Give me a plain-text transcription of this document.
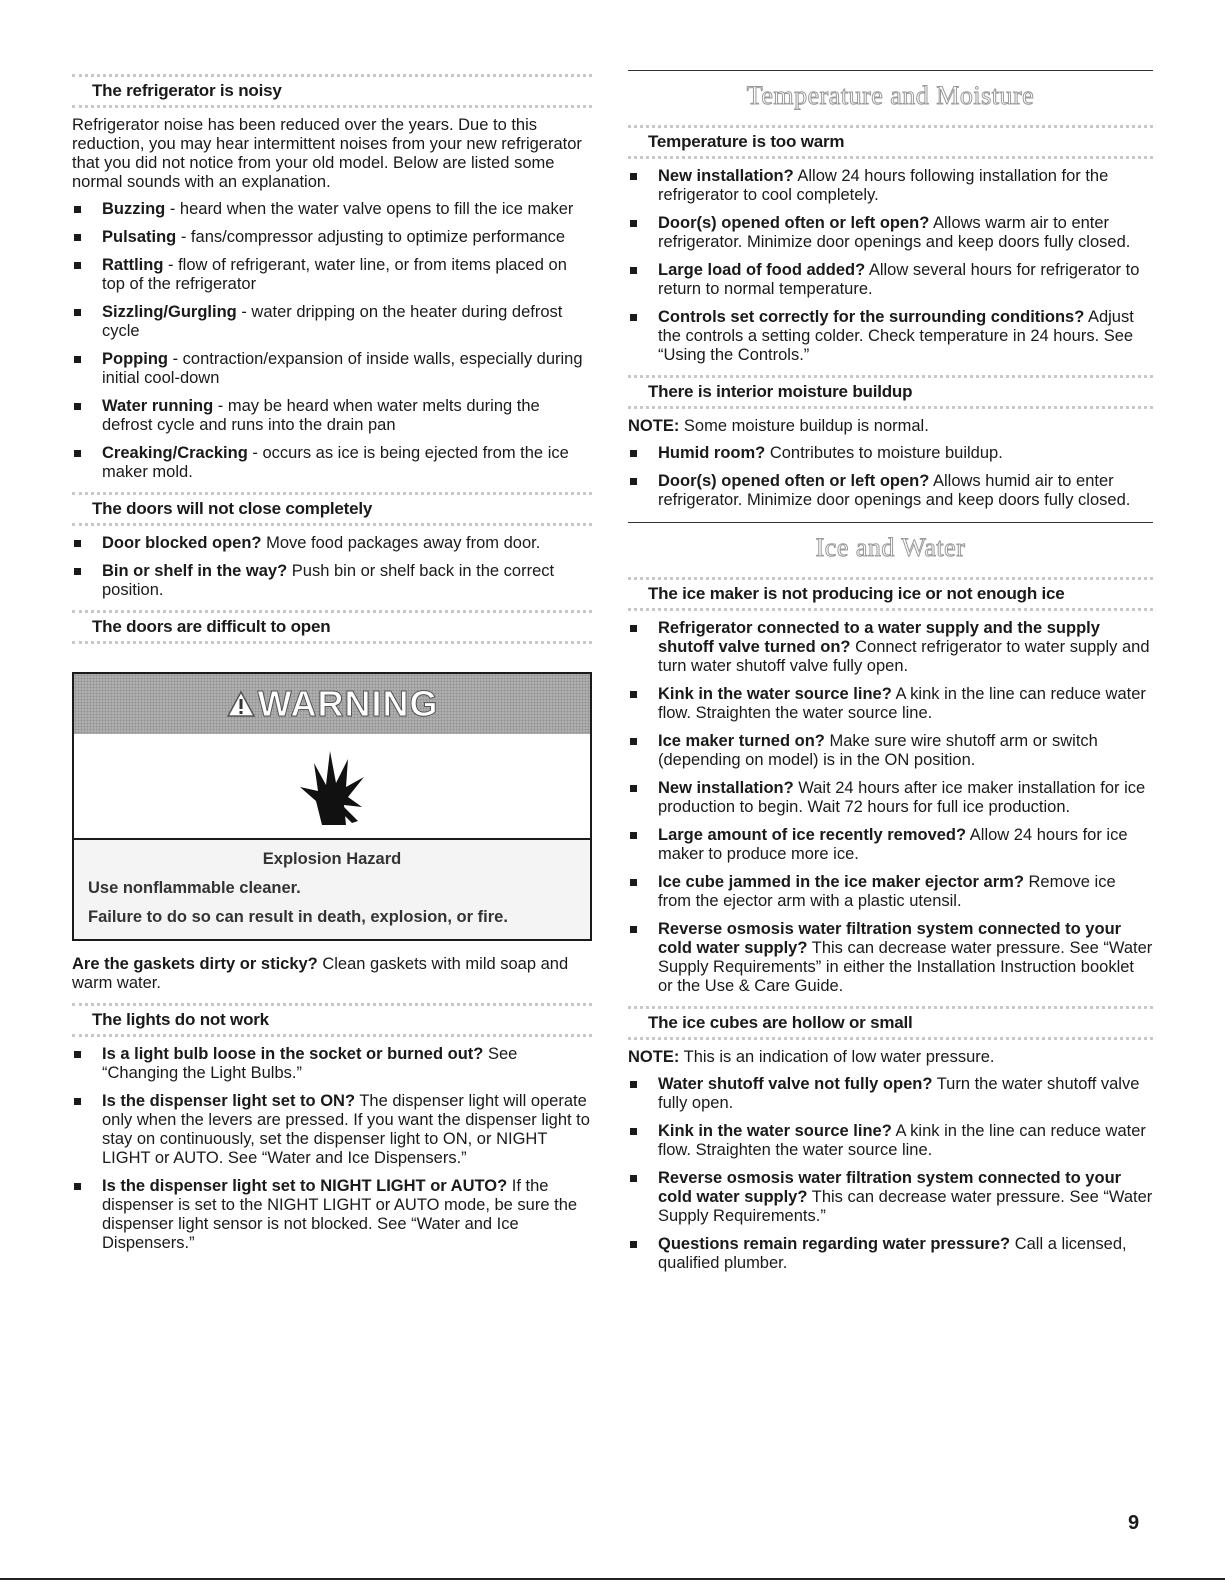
The refrigerator is noisy

Refrigerator noise has been reduced over the years. Due to this reduction, you may hear intermittent noises from your new refrigerator that you did not notice from your old model. Below are listed some normal sounds with an explanation.

Buzzing - heard when the water valve opens to fill the ice maker
Pulsating - fans/compressor adjusting to optimize performance
Rattling - flow of refrigerant, water line, or from items placed on top of the refrigerator
Sizzling/Gurgling - water dripping on the heater during defrost cycle
Popping - contraction/expansion of inside walls, especially during initial cool-down
Water running - may be heard when water melts during the defrost cycle and runs into the drain pan
Creaking/Cracking - occurs as ice is being ejected from the ice maker mold.
The doors will not close completely
Door blocked open? Move food packages away from door.
Bin or shelf in the way? Push bin or shelf back in the correct position.
The doors are difficult to open
WARNING
Explosion Hazard
Use nonflammable cleaner.
Failure to do so can result in death, explosion, or fire.

Are the gaskets dirty or sticky? Clean gaskets with mild soap and warm water.

The lights do not work
Is a light bulb loose in the socket or burned out? See “Changing the Light Bulbs.”
Is the dispenser light set to ON? The dispenser light will operate only when the levers are pressed. If you want the dispenser light to stay on continuously, set the dispenser light to ON, or NIGHT LIGHT or AUTO. See “Water and Ice Dispensers.”
Is the dispenser light set to NIGHT LIGHT or AUTO? If the dispenser is set to the NIGHT LIGHT or AUTO mode, be sure the dispenser light sensor is not blocked. See “Water and Ice Dispensers.”
Temperature and Moisture
Temperature is too warm
New installation? Allow 24 hours following installation for the refrigerator to cool completely.
Door(s) opened often or left open? Allows warm air to enter refrigerator. Minimize door openings and keep doors fully closed.
Large load of food added? Allow several hours for refrigerator to return to normal temperature.
Controls set correctly for the surrounding conditions? Adjust the controls a setting colder. Check temperature in 24 hours. See “Using the Controls.”
There is interior moisture buildup

NOTE: Some moisture buildup is normal.

Humid room? Contributes to moisture buildup.
Door(s) opened often or left open? Allows humid air to enter refrigerator. Minimize door openings and keep doors fully closed.
Ice and Water
The ice maker is not producing ice or not enough ice
Refrigerator connected to a water supply and the supply shutoff valve turned on? Connect refrigerator to water supply and turn water shutoff valve fully open.
Kink in the water source line? A kink in the line can reduce water flow. Straighten the water source line.
Ice maker turned on? Make sure wire shutoff arm or switch (depending on model) is in the ON position.
New installation? Wait 24 hours after ice maker installation for ice production to begin. Wait 72 hours for full ice production.
Large amount of ice recently removed? Allow 24 hours for ice maker to produce more ice.
Ice cube jammed in the ice maker ejector arm? Remove ice from the ejector arm with a plastic utensil.
Reverse osmosis water filtration system connected to your cold water supply? This can decrease water pressure. See “Water Supply Requirements” in either the Installation Instruction booklet or the Use & Care Guide.
The ice cubes are hollow or small

NOTE: This is an indication of low water pressure.

Water shutoff valve not fully open? Turn the water shutoff valve fully open.
Kink in the water source line? A kink in the line can reduce water flow. Straighten the water source line.
Reverse osmosis water filtration system connected to your cold water supply? This can decrease water pressure. See “Water Supply Requirements.”
Questions remain regarding water pressure? Call a licensed, qualified plumber.
9
